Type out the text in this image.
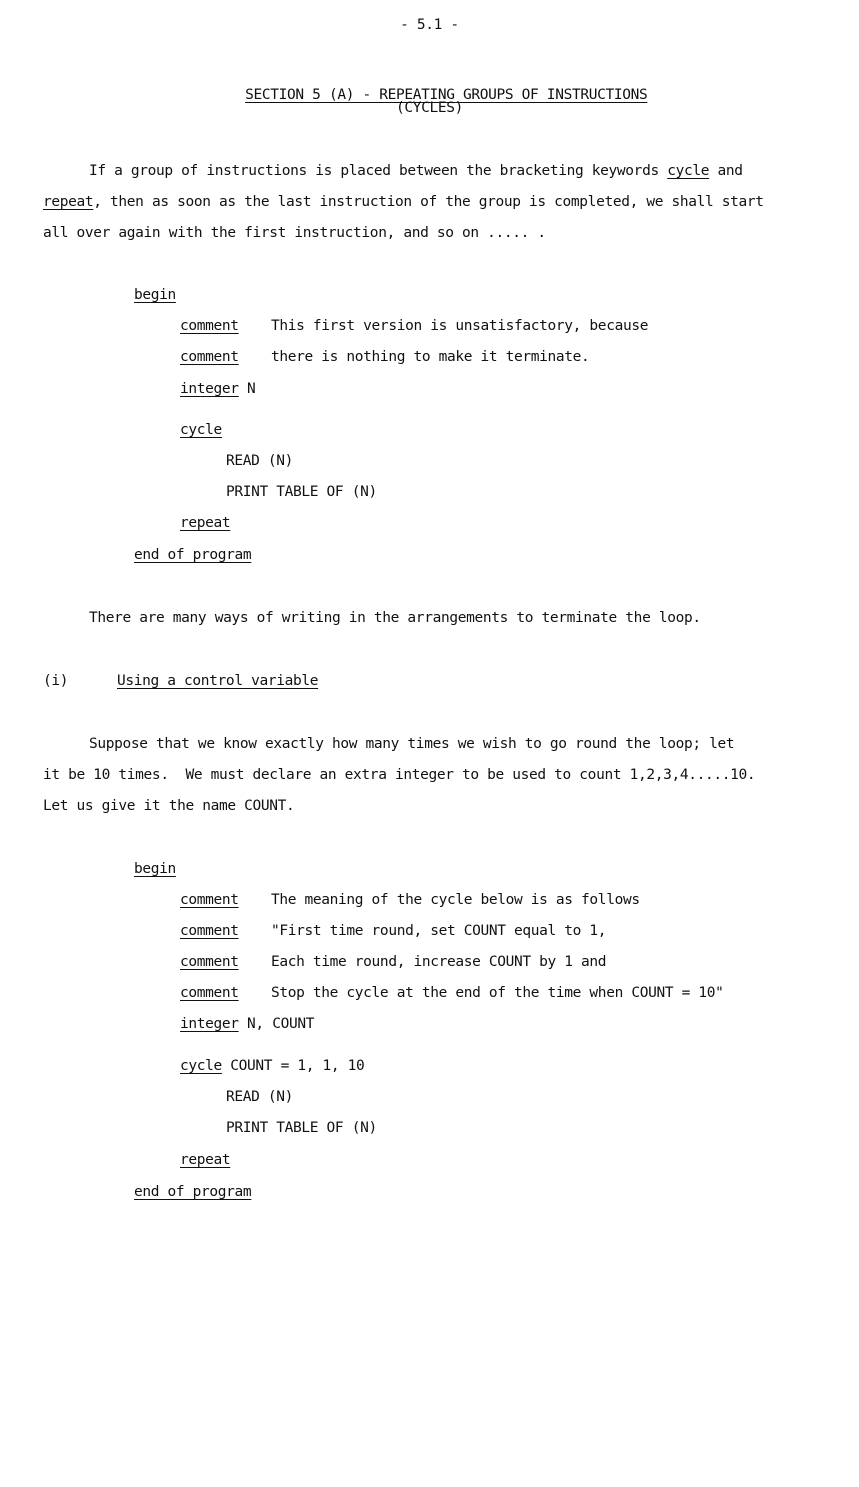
- 5.1 -

SECTION 5 (A) - REPEATING GROUPS OF INSTRUCTIONS

(CYCLES)
If a group of instructions is placed between the bracketing keywords cycle and
repeat, then as soon as the last instruction of the group is completed, we shall start
all over again with the first instruction, and so on ..... .
begin
comment This first version is unsatisfactory, because
comment there is nothing to make it terminate.
integer N
cycle
READ (N)
PRINT TABLE OF (N)
repeat
end of program
There are many ways of writing in the arrangements to terminate the loop.
(i)	Using a control variable
Suppose that we know exactly how many times we wish to go round the loop; let
it be 10 times.  We must declare an extra integer to be used to count 1,2,3,4.....10.
Let us give it the name COUNT.
begin
comment The meaning of the cycle below is as follows
comment "First time round, set COUNT equal to 1,
comment Each time round, increase COUNT by 1 and
comment Stop the cycle at the end of the time when COUNT = 10"
integer N, COUNT
cycle COUNT = 1, 1, 10
READ (N)
PRINT TABLE OF (N)
repeat
end of program
